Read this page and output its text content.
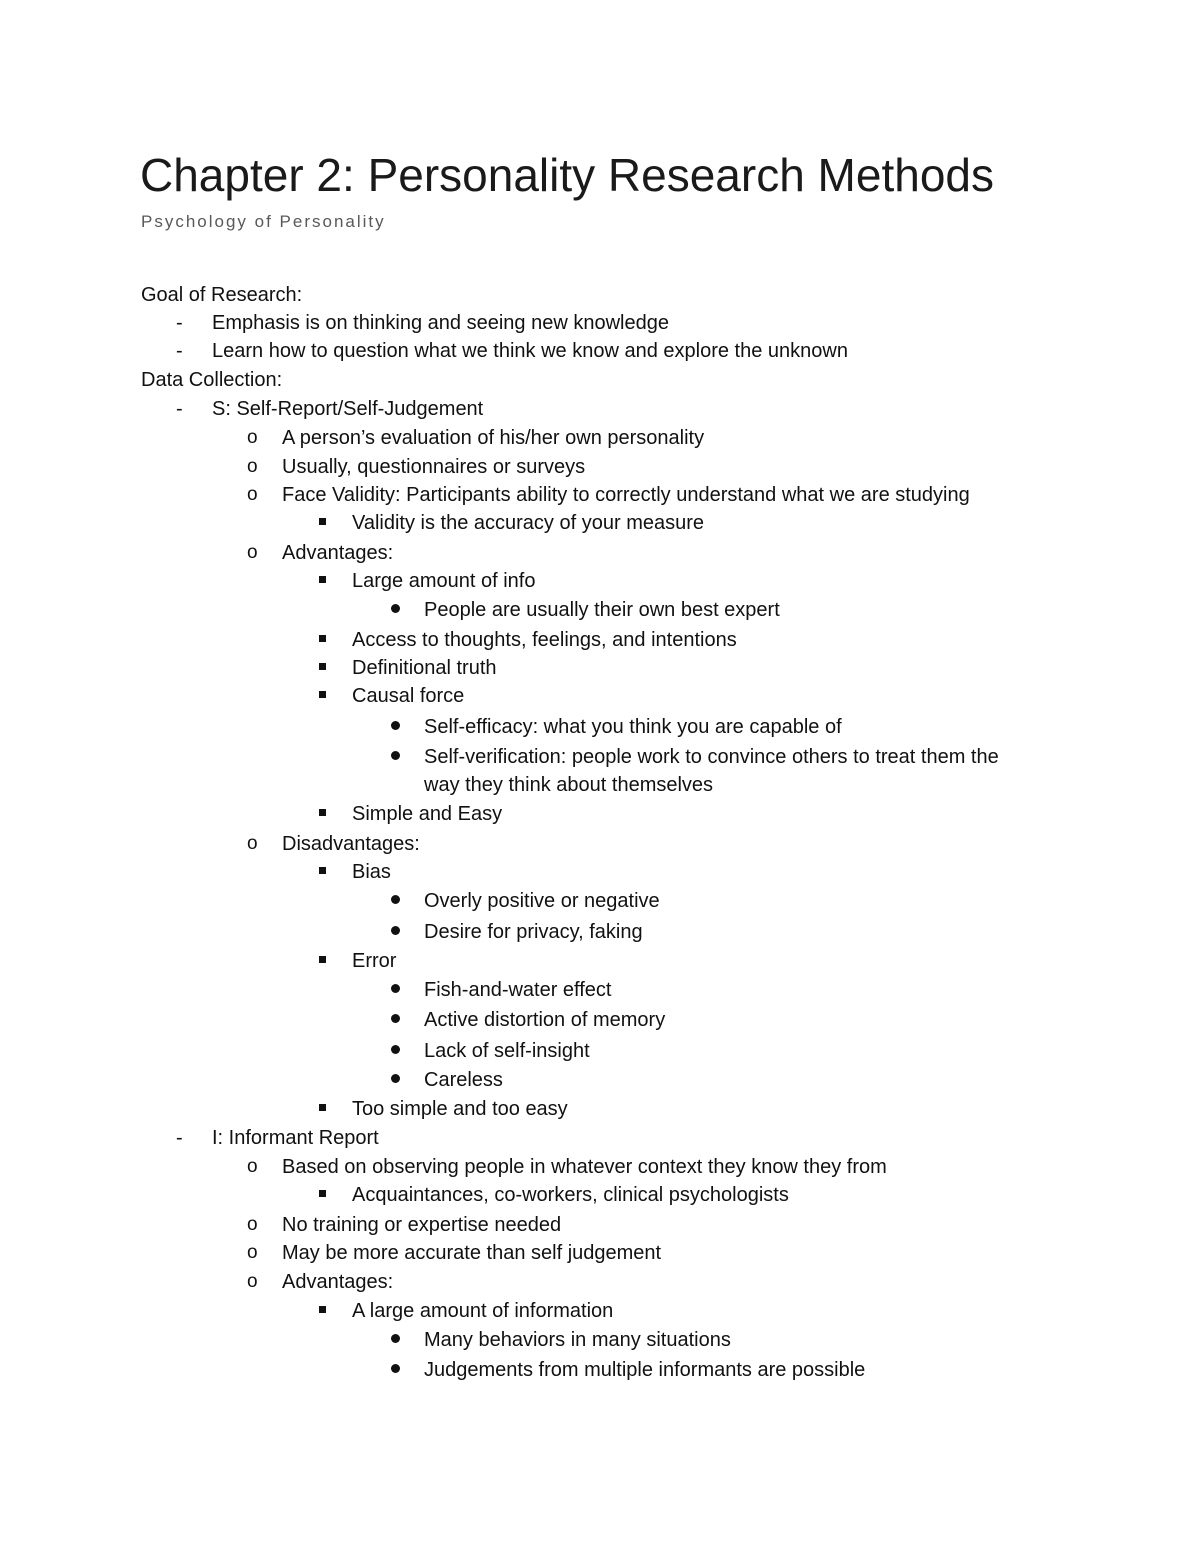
Chapter 2: Personality Research Methods
Psychology of Personality
Goal of Research:
- Emphasis is on thinking and seeing new knowledge
- Learn how to question what we think we know and explore the unknown
Data Collection:
- S: Self-Report/Self-Judgement
o A person’s evaluation of his/her own personality
o Usually, questionnaires or surveys
o Face Validity: Participants ability to correctly understand what we are studying
Validity is the accuracy of your measure
o Advantages:
Large amount of info
People are usually their own best expert
Access to thoughts, feelings, and intentions
Definitional truth
Causal force
Self-efficacy: what you think you are capable of
Self-verification: people work to convince others to treat them the
way they think about themselves
Simple and Easy
o Disadvantages:
Bias
Overly positive or negative
Desire for privacy, faking
Error
Fish-and-water effect
Active distortion of memory
Lack of self-insight
Careless
Too simple and too easy
- I: Informant Report
o Based on observing people in whatever context they know they from
Acquaintances, co-workers, clinical psychologists
o No training or expertise needed
o May be more accurate than self judgement
o Advantages:
A large amount of information
Many behaviors in many situations
Judgements from multiple informants are possible
